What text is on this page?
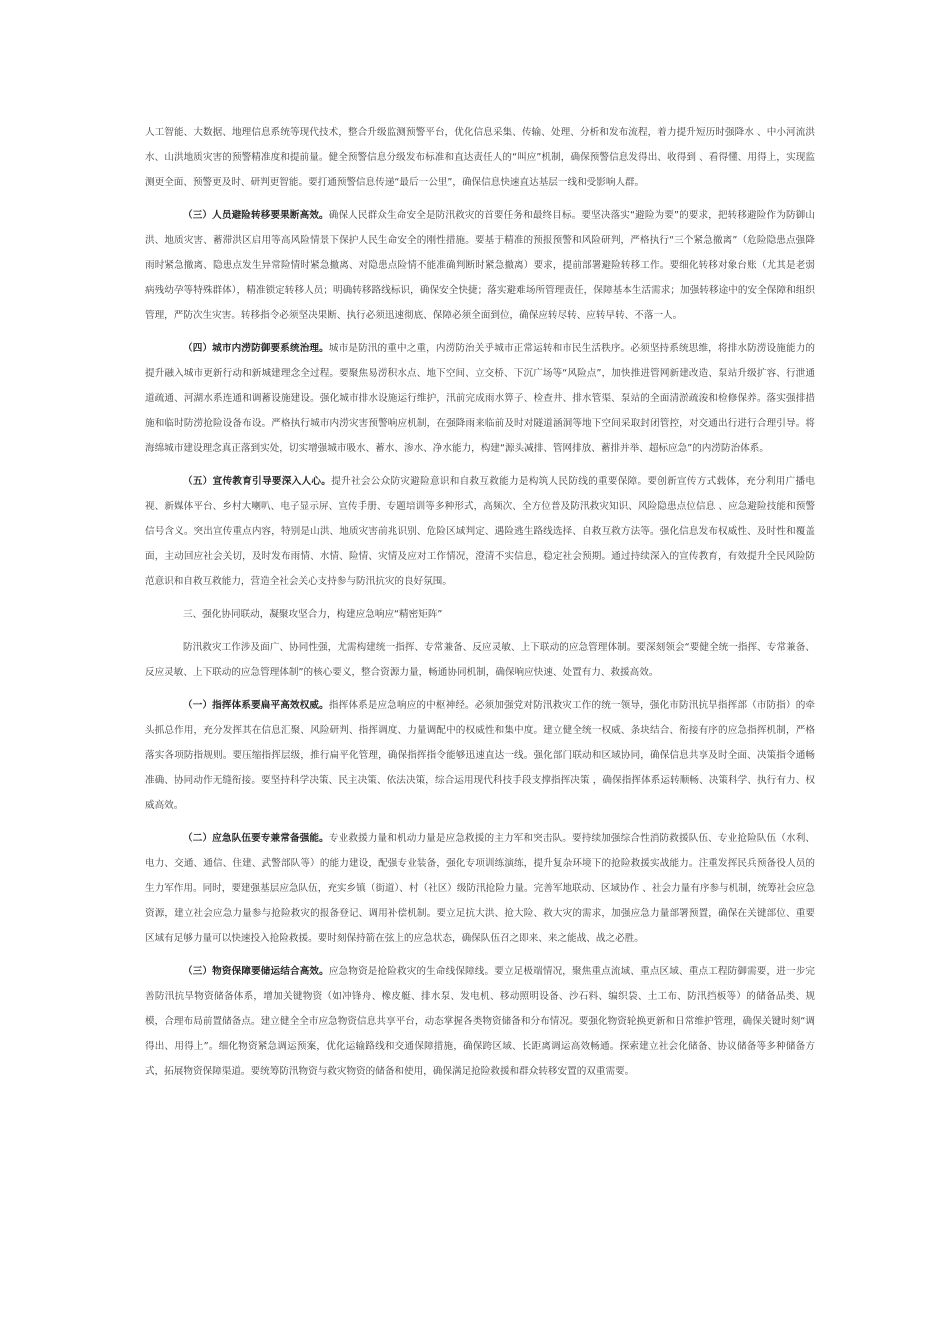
人工智能、大数据、地理信息系统等现代技术，整合升级监测预警平台，优化信息采集、传输、处理、分析和发布流程，着力提升短历时强降水 、中小河流洪水、山洪地质灾害的预警精准度和提前量。健全预警信息分级发布标准和直达责任人的“叫应”机制，确保预警信息发得出、收得到 、看得懂、用得上，实现监测更全面、预警更及时、研判更智能。要打通预警信息传递“最后一公里”，确保信息快速直达基层一线和受影响人群。

（三）人员避险转移要果断高效。确保人民群众生命安全是防汛救灾的首要任务和最终目标。要坚决落实“避险为要”的要求，把转移避险作为防御山洪、地质灾害、蓄滞洪区启用等高风险情景下保护人民生命安全的刚性措施。要基于精准的预报预警和风险研判，严格执行“三个紧急撤离”（危险隐患点强降雨时紧急撤离、隐患点发生异常险情时紧急撤离、对隐患点险情不能准确判断时紧急撤离）要求，提前部署避险转移工作。要细化转移对象台账（尤其是老弱病残幼孕等特殊群体），精准锁定转移人员；明确转移路线标识，确保安全快捷；落实避难场所管理责任，保障基本生活需求；加强转移途中的安全保障和组织管理，严防次生灾害。转移指令必须坚决果断、执行必须迅速彻底、保障必须全面到位，确保应转尽转、应转早转、不落一人。

（四）城市内涝防御要系统治理。城市是防汛的重中之重，内涝防治关乎城市正常运转和市民生活秩序。必须坚持系统思维，将排水防涝设施能力的提升融入城市更新行动和新城建理念全过程。要聚焦易涝积水点、地下空间、立交桥、下沉广场等“风险点”，加快推进管网新建改造、泵站升级扩容、行泄通道疏通、河湖水系连通和调蓄设施建设。强化城市排水设施运行维护，汛前完成雨水箅子、检查井、排水管渠、泵站的全面清淤疏浚和检修保养。落实强排措施和临时防涝抢险设备布设。严格执行城市内涝灾害预警响应机制，在强降雨来临前及时对隧道涵洞等地下空间采取封闭管控，对交通出行进行合理引导。将海绵城市建设理念真正落到实处，切实增强城市吸水、蓄水、渗水、净水能力，构建“源头减排、管网排放、蓄排并举、超标应急”的内涝防治体系。

（五）宣传教育引导要深入人心。提升社会公众防灾避险意识和自救互救能力是构筑人民防线的重要保障。要创新宣传方式载体，充分利用广播电视、新媒体平台、乡村大喇叭、电子显示屏、宣传手册、专题培训等多种形式，高频次、全方位普及防汛救灾知识、风险隐患点位信息 、应急避险技能和预警信号含义。突出宣传重点内容，特别是山洪、地质灾害前兆识别、危险区域判定、遇险逃生路线选择、自救互救方法等。强化信息发布权威性、及时性和覆盖面，主动回应社会关切，及时发布雨情、水情、险情、灾情及应对工作情况，澄清不实信息，稳定社会预期。通过持续深入的宣传教育，有效提升全民风险防范意识和自救互救能力，营造全社会关心支持参与防汛抗灾的良好氛围。

三、强化协同联动，凝聚攻坚合力，构建应急响应“精密矩阵”

防汛救灾工作涉及面广、协同性强，尤需构建统一指挥、专常兼备、反应灵敏、上下联动的应急管理体制。要深刻领会“要健全统一指挥、专常兼备、反应灵敏、上下联动的应急管理体制”的核心要义，整合资源力量，畅通协同机制，确保响应快速、处置有力、救援高效。

（一）指挥体系要扁平高效权威。指挥体系是应急响应的中枢神经。必须加强党对防汛救灾工作的统一领导，强化市防汛抗旱指挥部（市防指）的牵头抓总作用，充分发挥其在信息汇聚、风险研判、指挥调度、力量调配中的权威性和集中度。建立健全统一权威、条块结合、衔接有序的应急指挥机制，严格落实各项防指规则。要压缩指挥层级，推行扁平化管理，确保指挥指令能够迅速直达一线。强化部门联动和区域协同，确保信息共享及时全面、决策指令通畅准确、协同动作无缝衔接。要坚持科学决策、民主决策、依法决策，综合运用现代科技手段支撑指挥决策 ，确保指挥体系运转顺畅、决策科学、执行有力、权威高效。

（二）应急队伍要专兼常备强能。专业救援力量和机动力量是应急救援的主力军和突击队。要持续加强综合性消防救援队伍、专业抢险队伍（水利、电力、交通、通信、住建、武警部队等）的能力建设，配强专业装备，强化专项训练演练，提升复杂环境下的抢险救援实战能力。注重发挥民兵预备役人员的生力军作用。同时，要建强基层应急队伍，充实乡镇（街道）、村（社区）级防汛抢险力量。完善军地联动、区域协作 、社会力量有序参与机制，统筹社会应急资源，建立社会应急力量参与抢险救灾的报备登记、调用补偿机制。要立足抗大洪、抢大险、救大灾的需求，加强应急力量部署预置，确保在关键部位、重要区域有足够力量可以快速投入抢险救援。要时刻保持箭在弦上的应急状态，确保队伍召之即来、来之能战、战之必胜。

（三）物资保障要储运结合高效。应急物资是抢险救灾的生命线保障线。要立足极端情况，聚焦重点流域、重点区域、重点工程防御需要，进一步完善防汛抗旱物资储备体系，增加关键物资（如冲锋舟、橡皮艇、排水泵、发电机、移动照明设备、沙石料、编织袋、土工布、防汛挡板等）的储备品类、规模，合理布局前置储备点。建立健全全市应急物资信息共享平台，动态掌握各类物资储备和分布情况。要强化物资轮换更新和日常维护管理，确保关键时刻“调得出、用得上”。细化物资紧急调运预案，优化运输路线和交通保障措施，确保跨区域、长距离调运高效畅通。探索建立社会化储备、协议储备等多种储备方式，拓展物资保障渠道。要统筹防汛物资与救灾物资的储备和使用，确保满足抢险救援和群众转移安置的双重需要。
